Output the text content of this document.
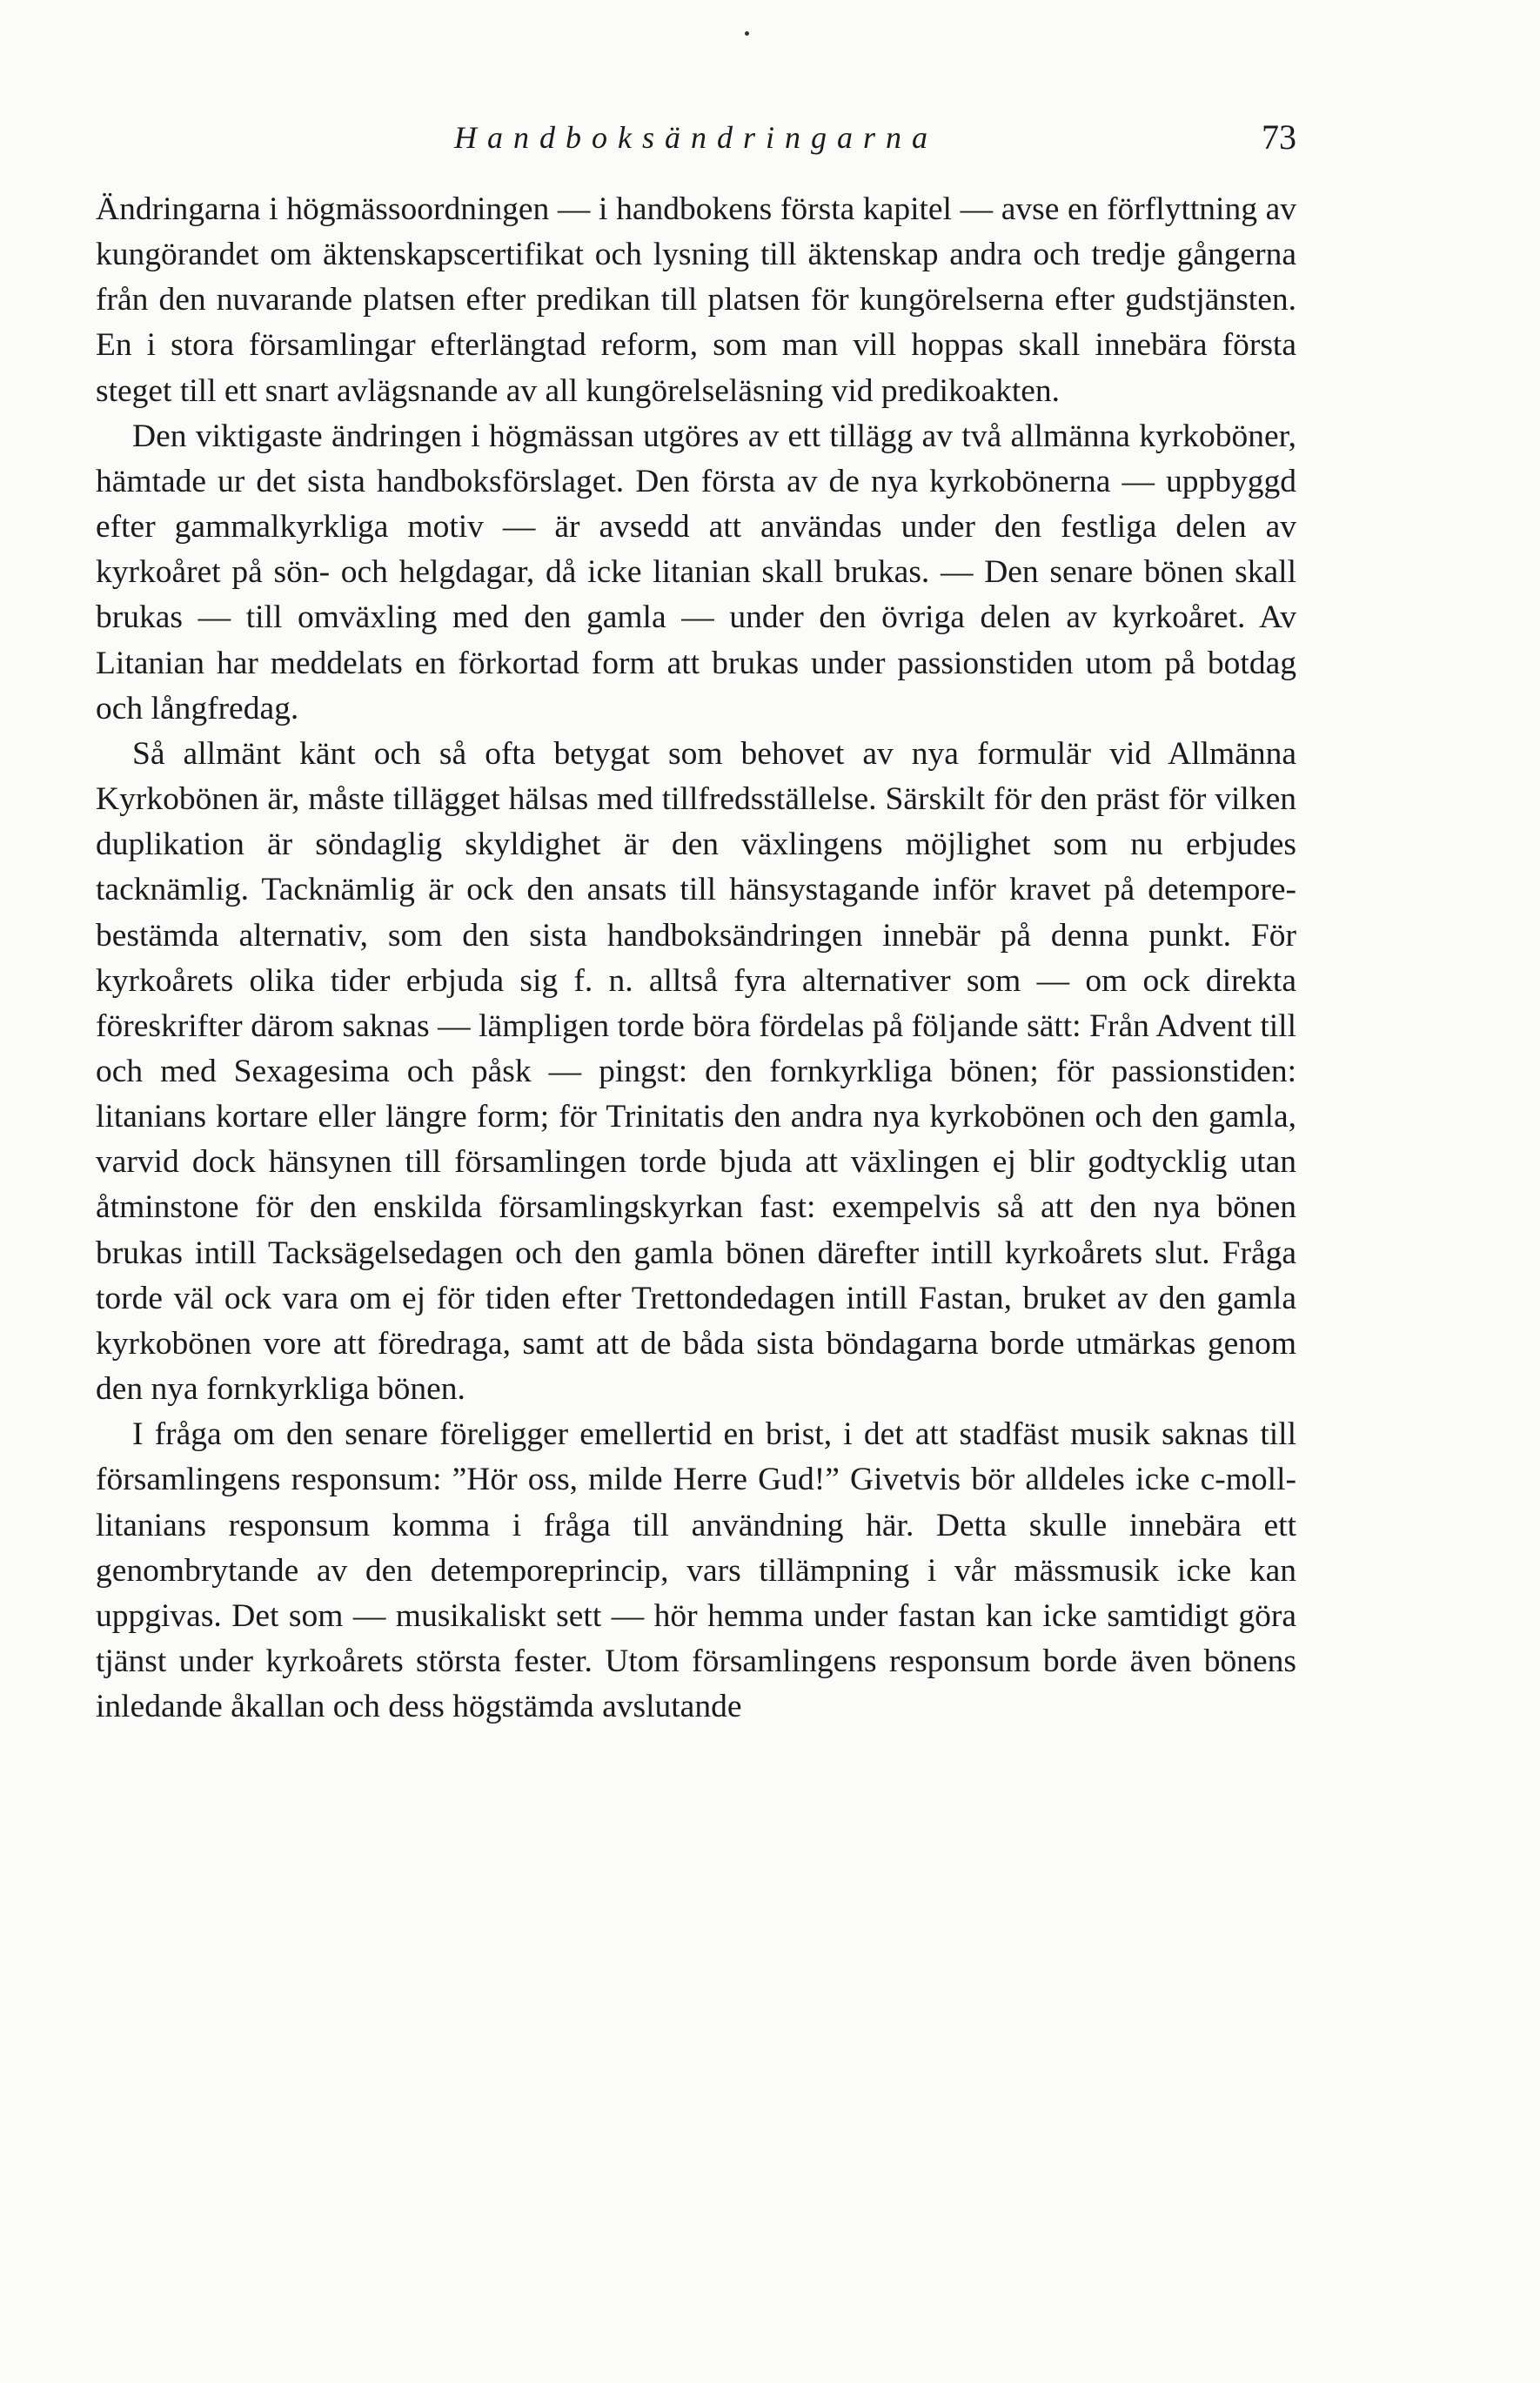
Handboksändringarna	73

Ändringarna i högmässoordningen — i handbokens första kapitel — avse en förflyttning av kungörandet om äktenskapscertifikat och lysning till äktenskap andra och tredje gångerna från den nuvarande platsen efter predikan till platsen för kungörelserna efter gudstjänsten. En i stora församlingar efterlängtad reform, som man vill hoppas skall innebära första steget till ett snart avlägsnande av all kungörelseläsning vid predikoakten.

Den viktigaste ändringen i högmässan utgöres av ett tillägg av två allmänna kyrkoböner, hämtade ur det sista handboksförslaget. Den första av de nya kyrkobönerna — uppbyggd efter gammalkyrkliga motiv — är avsedd att användas under den festliga delen av kyrkoåret på sön- och helgdagar, då icke litanian skall brukas. — Den senare bönen skall brukas — till omväxling med den gamla — under den övriga delen av kyrkoåret. Av Litanian har meddelats en förkortad form att brukas under passionstiden utom på botdag och långfredag.

Så allmänt känt och så ofta betygat som behovet av nya formulär vid Allmänna Kyrkobönen är, måste tillägget hälsas med tillfredsställelse. Särskilt för den präst för vilken duplikation är söndaglig skyldighet är den växlingens möjlighet som nu erbjudes tacknämlig. Tacknämlig är ock den ansats till hänsystagande inför kravet på detempore-bestämda alternativ, som den sista handboksändringen innebär på denna punkt. För kyrkoårets olika tider erbjuda sig f. n. alltså fyra alternativer som — om ock direkta föreskrifter därom saknas — lämpligen torde böra fördelas på följande sätt: Från Advent till och med Sexagesima och påsk — pingst: den fornkyrkliga bönen; för passionstiden: litanians kortare eller längre form; för Trinitatis den andra nya kyrkobönen och den gamla, varvid dock hänsynen till församlingen torde bjuda att växlingen ej blir godtycklig utan åtminstone för den enskilda församlingskyrkan fast: exempelvis så att den nya bönen brukas intill Tacksägelsedagen och den gamla bönen därefter intill kyrkoårets slut. Fråga torde väl ock vara om ej för tiden efter Trettondedagen intill Fastan, bruket av den gamla kyrkobönen vore att föredraga, samt att de båda sista böndagarna borde utmärkas genom den nya fornkyrkliga bönen.

I fråga om den senare föreligger emellertid en brist, i det att stadfäst musik saknas till församlingens responsum: ”Hör oss, milde Herre Gud!” Givetvis bör alldeles icke c-moll-litanians responsum komma i fråga till användning här. Detta skulle innebära ett genombrytande av den detemporeprincip, vars tillämpning i vår mässmusik icke kan uppgivas. Det som — musikaliskt sett — hör hemma under fastan kan icke samtidigt göra tjänst under kyrkoårets största fester. Utom församlingens responsum borde även bönens inledande åkallan och dess högstämda avslutande
